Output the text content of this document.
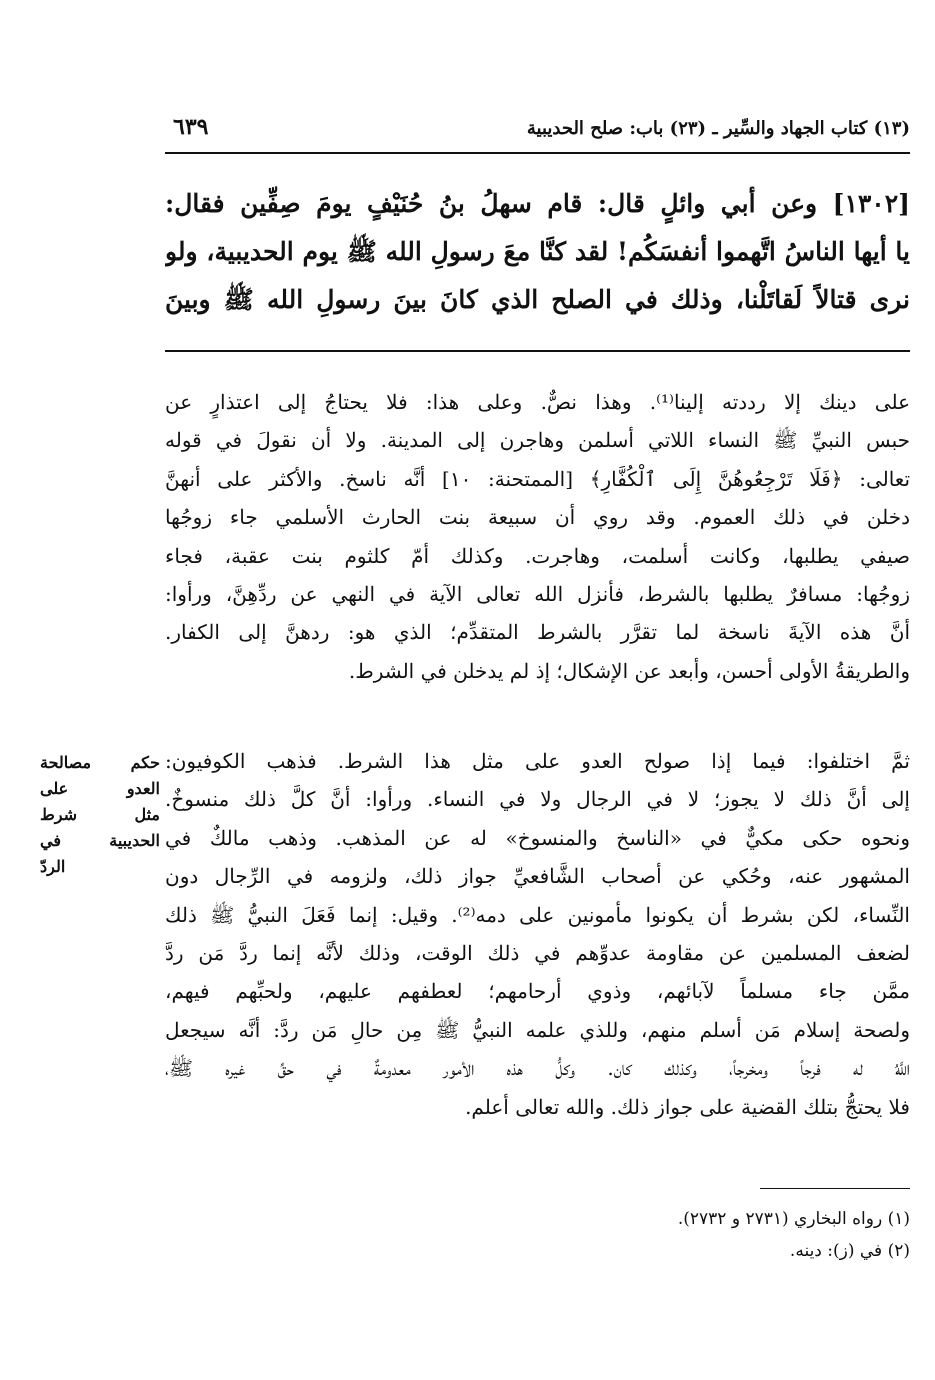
(١٣) كتاب الجهاد والسِّير ـ (٢٣) باب: صلح الحديبية
٦٣٩
[١٣٠٢] وعن أبي وائلٍ قال: قام سهلُ بنُ حُنَيْفٍ يومَ صِفِّين فقال:
يا أيها الناسُ اتَّهموا أنفسَكُم! لقد كنَّا معَ رسولِ الله ﷺ يوم الحديبية، ولو
نرى قتالاً لَقاتَلْنا، وذلك في الصلح الذي كانَ بينَ رسولِ الله ﷺ وبينَ
على دينك إلا رددته إلينا⁽¹⁾. وهذا نصٌّ. وعلى هذا: فلا يحتاجُ إلى اعتذارٍ عن
حبس النبيِّ ﷺ النساء اللاتي أسلمن وهاجرن إلى المدينة. ولا أن نقولَ في قوله
تعالى: ﴿فَلَا تَرْجِعُوهُنَّ إِلَى ٱلْكُفَّارِ﴾ [الممتحنة: ١٠] أنَّه ناسخ. والأكثر على أنهنَّ
دخلن في ذلك العموم. وقد روي أن سبيعة بنت الحارث الأسلمي جاء زوجُها
صيفي يطلبها، وكانت أسلمت، وهاجرت. وكذلك أمّ كلثوم بنت عقبة، فجاء
زوجُها: مسافرٌ يطلبها بالشرط، فأنزل الله تعالى الآية في النهي عن ردِّهِنَّ، ورأوا:
أنَّ هذه الآيةَ ناسخة لما تقرَّر بالشرط المتقدِّم؛ الذي هو: ردهنَّ إلى الكفار.
والطريقةُ الأولى أحسن، وأبعد عن الإشكال؛ إذ لم يدخلن في الشرط.
ثمَّ اختلفوا: فيما إذا صولح العدو على مثل هذا الشرط. فذهب الكوفيون:
إلى أنَّ ذلك لا يجوز؛ لا في الرجال ولا في النساء. ورأوا: أنَّ كلَّ ذلك منسوخٌ.
ونحوه حكى مكيٌّ في «الناسخ والمنسوخ» له عن المذهب. وذهب مالكٌ في
المشهور عنه، وحُكي عن أصحاب الشَّافعيِّ جواز ذلك، ولزومه في الرِّجال دون
النِّساء، لكن بشرط أن يكونوا مأمونين على دمه⁽²⁾. وقيل: إنما فَعَلَ النبيُّ ﷺ ذلك
لضعف المسلمين عن مقاومة عدوِّهم في ذلك الوقت، وذلك لأنَّه إنما ردَّ مَن ردَّ
ممَّن جاء مسلماً لآبائهم، وذوي أرحامهم؛ لعطفهم عليهم، ولحبِّهم فيهم،
ولصحة إسلام مَن أسلم منهم، وللذي علمه النبيُّ ﷺ مِن حالِ مَن ردَّ: أنَّه سيجعل
اللَّهُ له فرجاً ومخرجاً، وكذلك كان. وكلُّ هذه الأمور معدومةٌ في حقِّ غيره ﷺ،
فلا يحتجُّ بتلك القضية على جواز ذلك. والله تعالى أعلم.
حكم مصالحة
العدو على
مثل شرط
الحديبية في
الردّ
(١) رواه البخاري (٢٧٣١ و ٢٧٣٢).
(٢) في (ز): دينه.
